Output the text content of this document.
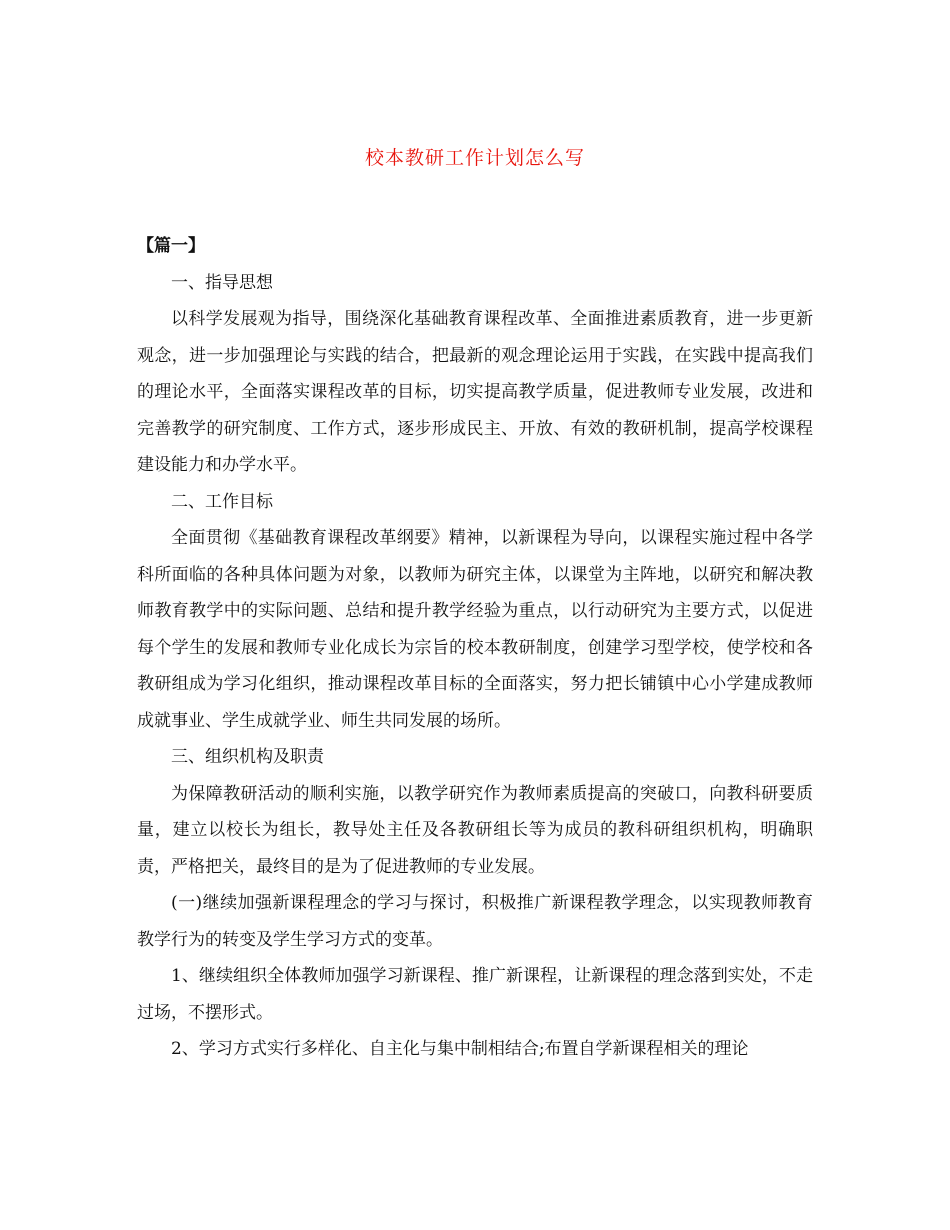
校本教研工作计划怎么写

【篇一】

一、指导思想

以科学发展观为指导，围绕深化基础教育课程改革、全面推进素质教育，进一步更新观念，进一步加强理论与实践的结合，把最新的观念理论运用于实践，在实践中提高我们的理论水平，全面落实课程改革的目标，切实提高教学质量，促进教师专业发展，改进和完善教学的研究制度、工作方式，逐步形成民主、开放、有效的教研机制，提高学校课程建设能力和办学水平。

二、工作目标

全面贯彻《基础教育课程改革纲要》精神，以新课程为导向，以课程实施过程中各学科所面临的各种具体问题为对象，以教师为研究主体，以课堂为主阵地，以研究和解决教师教育教学中的实际问题、总结和提升教学经验为重点，以行动研究为主要方式，以促进每个学生的发展和教师专业化成长为宗旨的校本教研制度，创建学习型学校，使学校和各教研组成为学习化组织，推动课程改革目标的全面落实，努力把长铺镇中心小学建成教师成就事业、学生成就学业、师生共同发展的场所。

三、组织机构及职责

为保障教研活动的顺利实施，以教学研究作为教师素质提高的突破口，向教科研要质量，建立以校长为组长，教导处主任及各教研组长等为成员的教科研组织机构，明确职责，严格把关，最终目的是为了促进教师的专业发展。

(一)继续加强新课程理念的学习与探讨，积极推广新课程教学理念，以实现教师教育教学行为的转变及学生学习方式的变革。

1、继续组织全体教师加强学习新课程、推广新课程，让新课程的理念落到实处，不走过场，不摆形式。

2、学习方式实行多样化、自主化与集中制相结合;布置自学新课程相关的理论
